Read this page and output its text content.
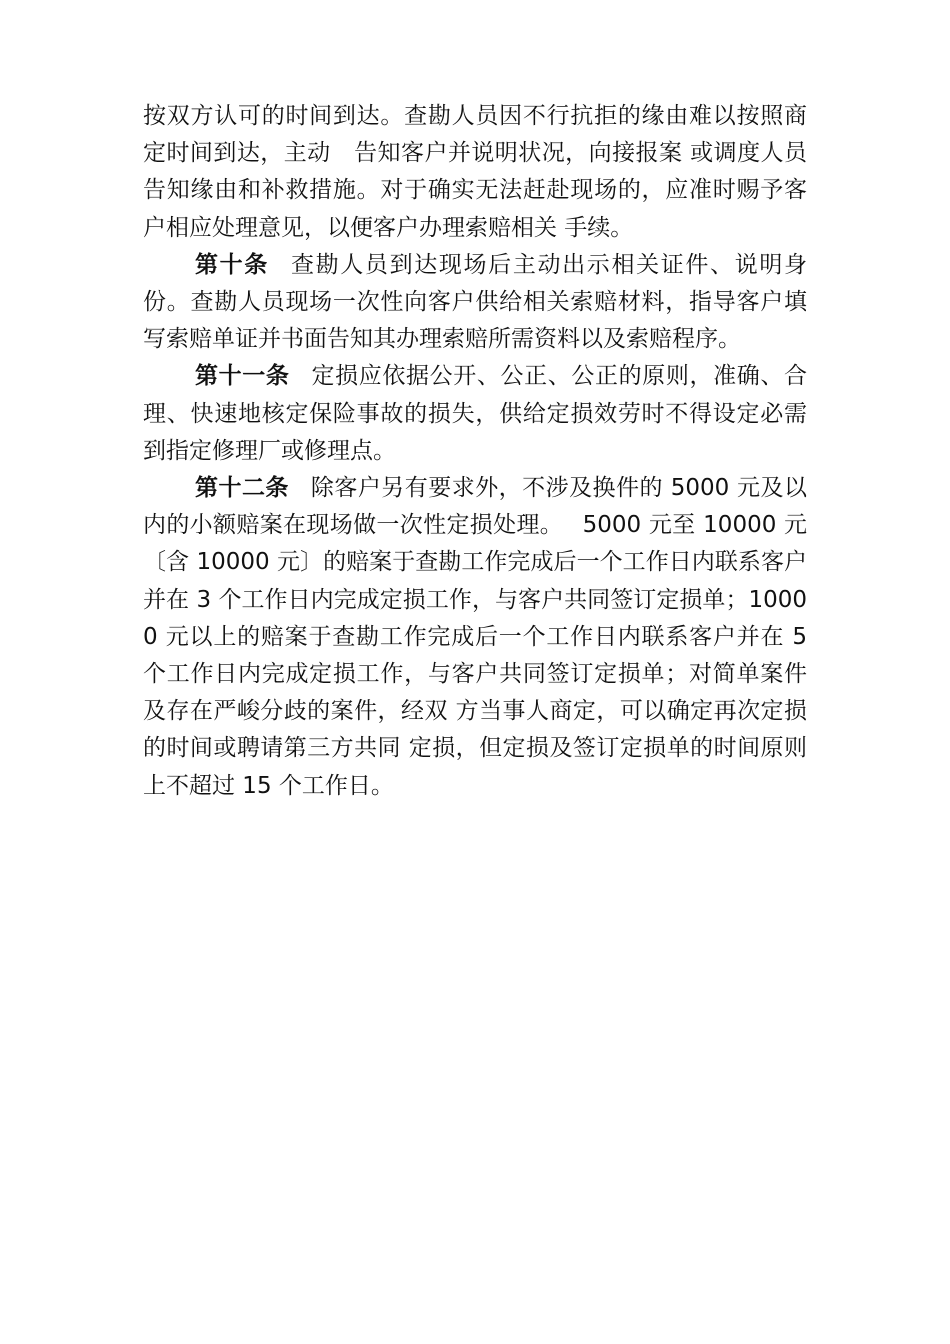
按双方认可的时间到达。查勘人员因不行抗拒的缘由难以按照商定时间到达，主动　告知客户并说明状况，向接报案 或调度人员告知缘由和补救措施。对于确实无法赶赴现场的，应准时赐予客户相应处理意见，以便客户办理索赔相关 手续。

第十条 查勘人员到达现场后主动出示相关证件、说明身份。查勘人员现场一次性向客户供给相关索赔材料，指导客户填写索赔单证并书面告知其办理索赔所需资料以及索赔程序。

第十一条 定损应依据公开、公正、公正的原则，准确、合理、快速地核定保险事故的损失，供给定损效劳时不得设定必需到指定修理厂或修理点。

第十二条 除客户另有要求外，不涉及换件的 5000 元及以内的小额赔案在现场做一次性定损处理。　 5000 元至 10000 元〔含 10000 元〕的赔案于查勘工作完成后一个工作日内联系客户并在 3 个工作日内完成定损工作，与客户共同签订定损单；10000 元以上的赔案于查勘工作完成后一个工作日内联系客户并在 5 个工作日内完成定损工作，与客户共同签订定损单；对简单案件及存在严峻分歧的案件，经双 方当事人商定，可以确定再次定损的时间或聘请第三方共同 定损，但定损及签订定损单的时间原则上不超过 15 个工作日。
